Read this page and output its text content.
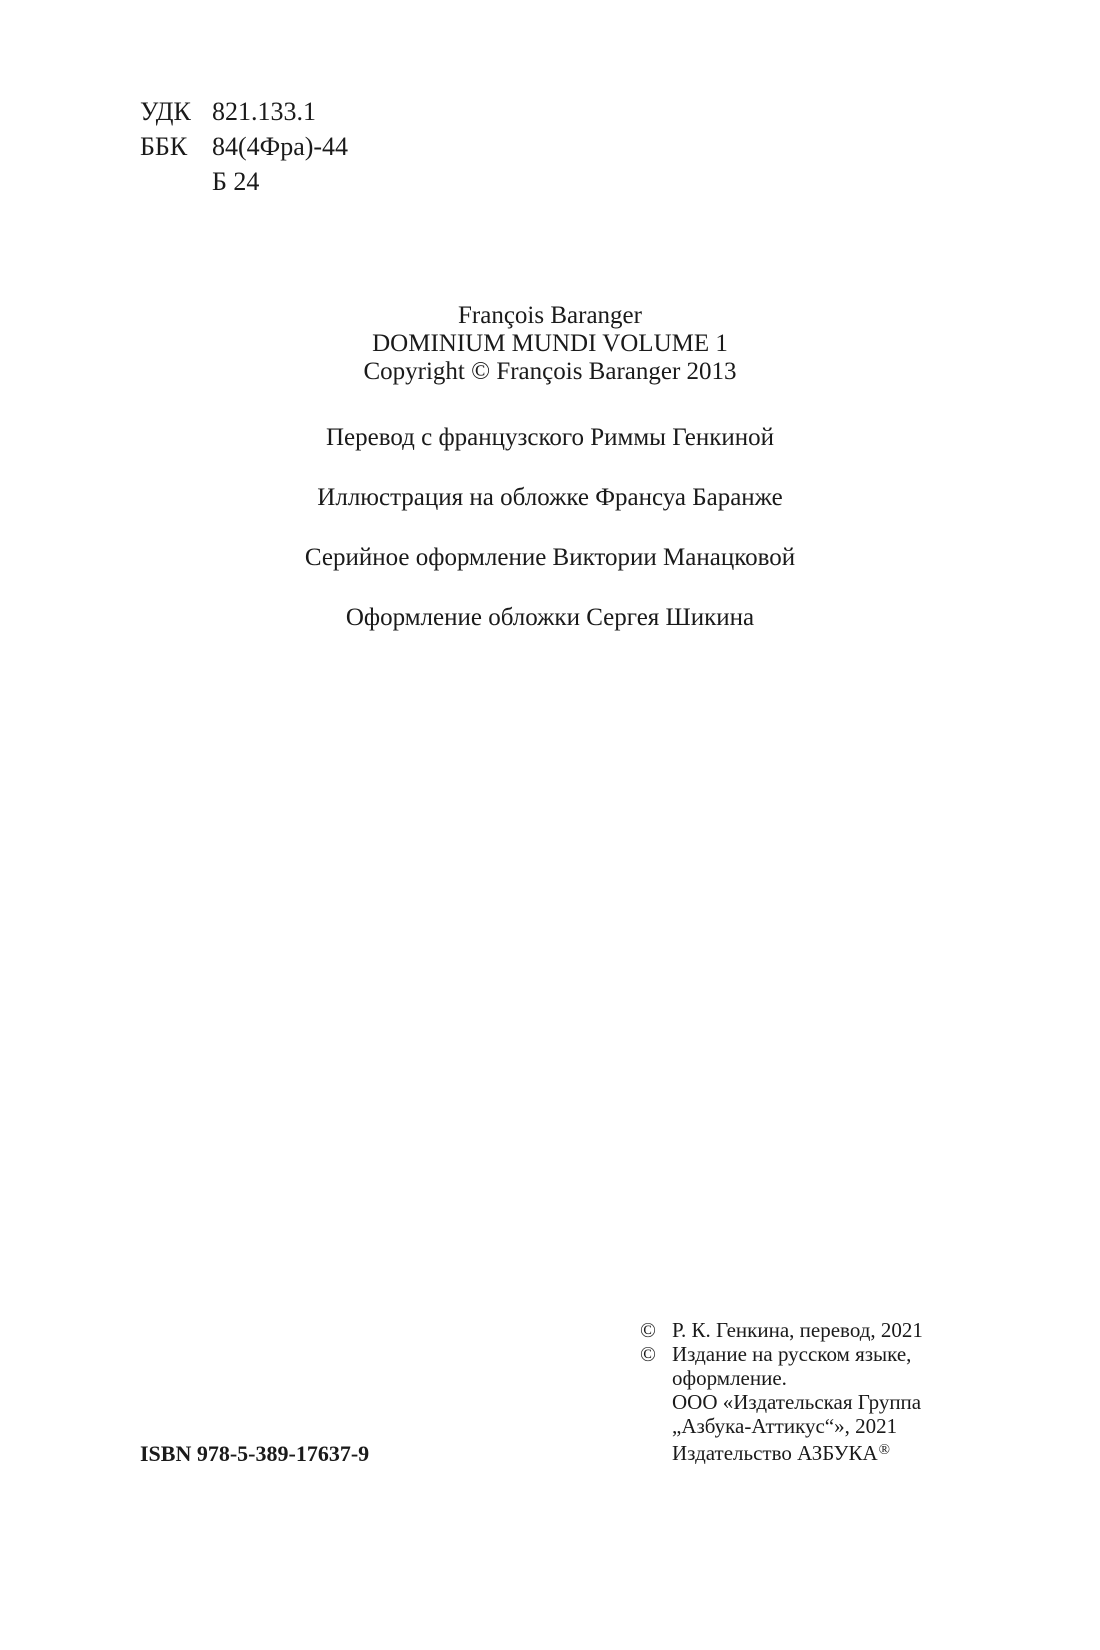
УДК 821.133.1
ББК 84(4Фра)-44
Б 24
François Baranger
DOMINIUM MUNDI VOLUME 1
Copyright © François Baranger 2013
Перевод с французского Риммы Генкиной
Иллюстрация на обложке Франсуа Баранже
Серийное оформление Виктории Манацковой
Оформление обложки Сергея Шикина
© Р. К. Генкина, перевод, 2021
© Издание на русском языке,
оформление.
ООО «Издательская Группа
„Азбука-Аттикус“», 2021
Издательство АЗБУКА®
ISBN 978-5-389-17637-9
